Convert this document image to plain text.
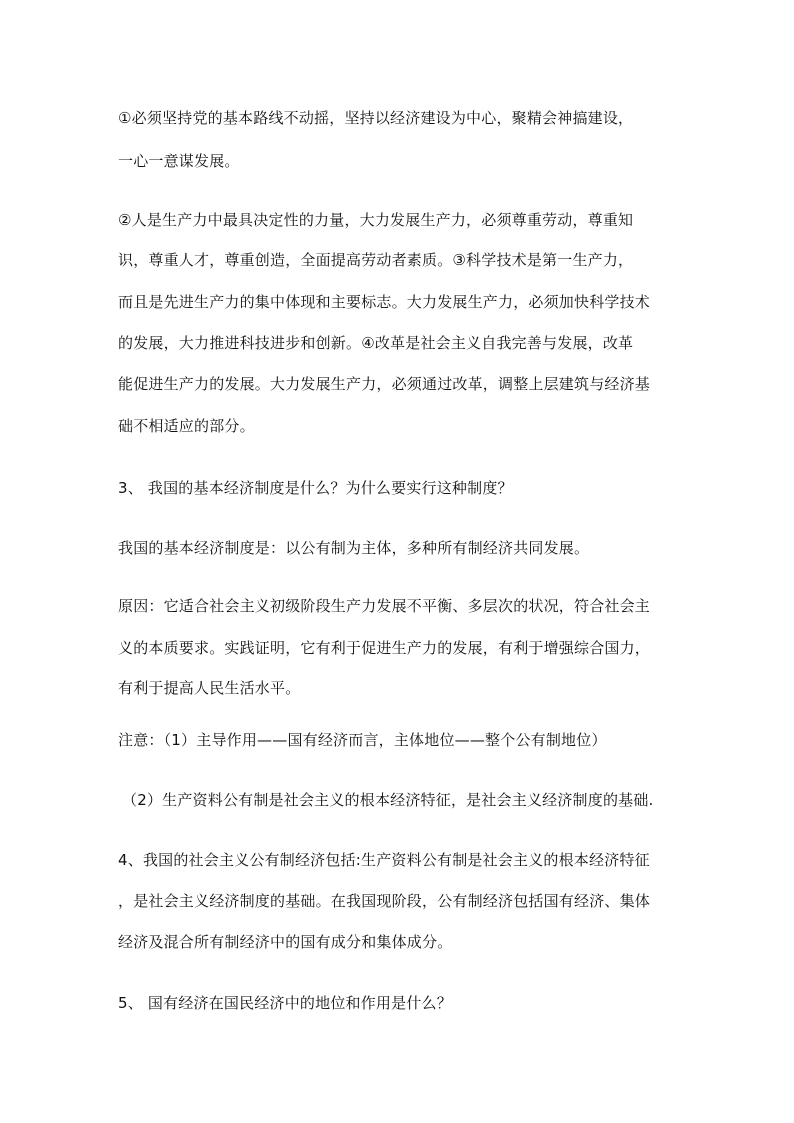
①必须坚持党的基本路线不动摇，坚持以经济建设为中心，聚精会神搞建设，
一心一意谋发展。
②人是生产力中最具决定性的力量，大力发展生产力，必须尊重劳动，尊重知
识，尊重人才，尊重创造，全面提高劳动者素质。③科学技术是第一生产力，
而且是先进生产力的集中体现和主要标志。大力发展生产力，必须加快科学技术
的发展，大力推进科技进步和创新。④改革是社会主义自我完善与发展，改革
能促进生产力的发展。大力发展生产力，必须通过改革，调整上层建筑与经济基
础不相适应的部分。
3、 我国的基本经济制度是什么？为什么要实行这种制度？
我国的基本经济制度是：以公有制为主体，多种所有制经济共同发展。
原因：它适合社会主义初级阶段生产力发展不平衡、多层次的状况，符合社会主
义的本质要求。实践证明，它有利于促进生产力的发展，有利于增强综合国力，
有利于提高人民生活水平。
注意：（1）主导作用——国有经济而言，主体地位——整个公有制地位）
（2）生产资料公有制是社会主义的根本经济特征，是社会主义经济制度的基础.
4、我国的社会主义公有制经济包括:生产资料公有制是社会主义的根本经济特征
，是社会主义经济制度的基础。在我国现阶段，公有制经济包括国有经济、集体
经济及混合所有制经济中的国有成分和集体成分。
5、 国有经济在国民经济中的地位和作用是什么？
